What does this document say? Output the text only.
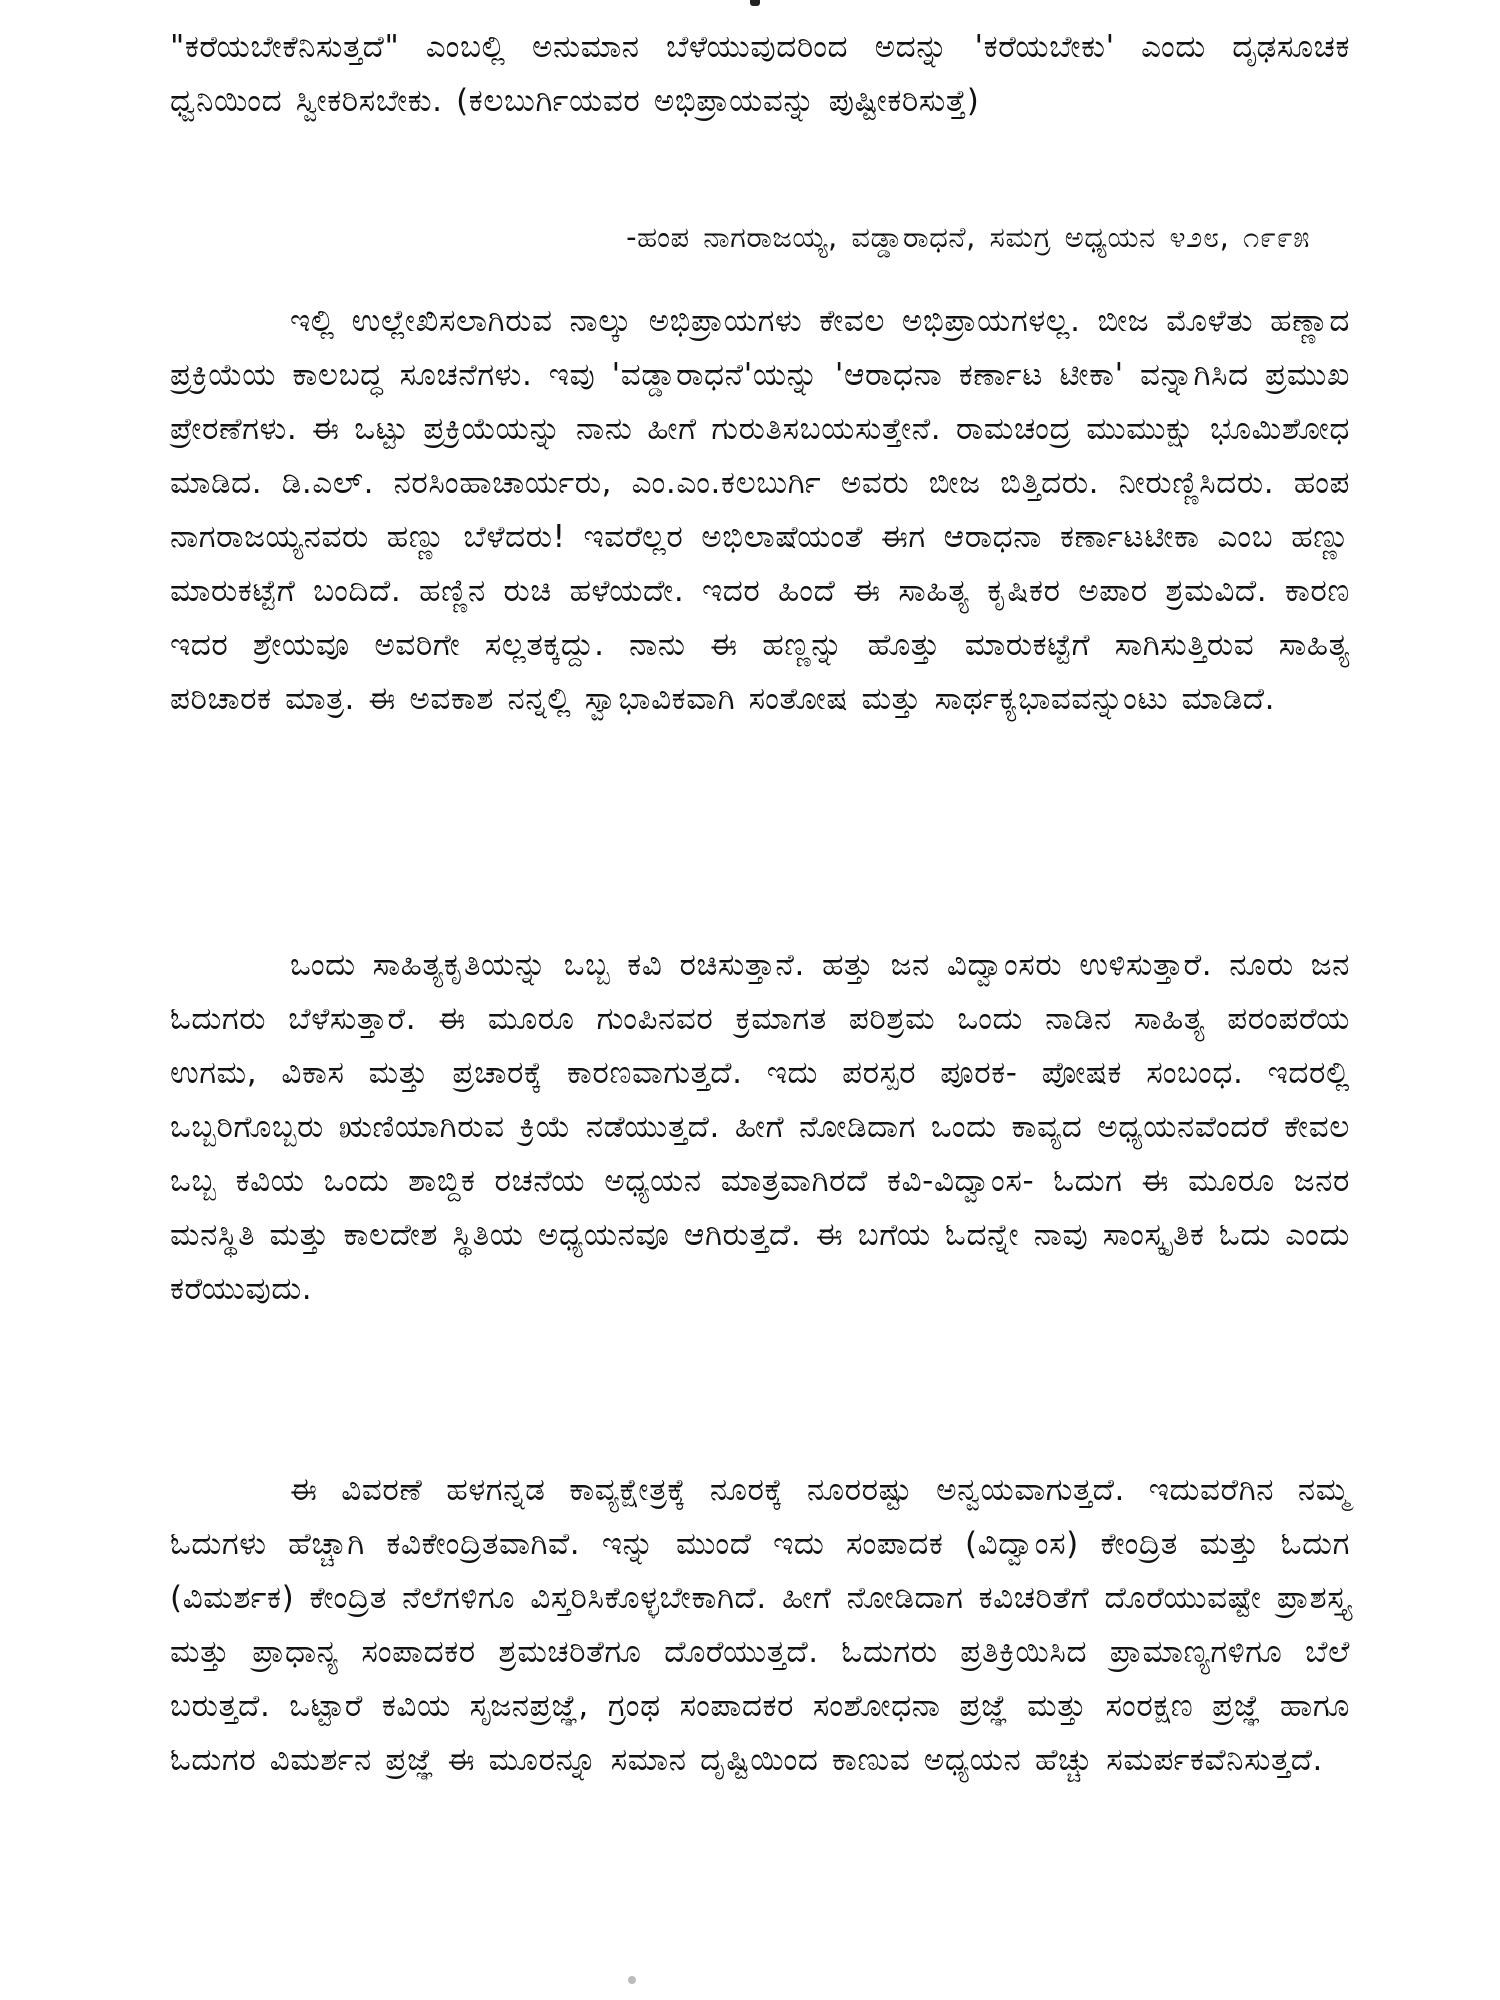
"ಕರೆಯಬೇಕೆನಿಸುತ್ತದೆ" ಎಂಬಲ್ಲಿ ಅನುಮಾನ ಬೆಳೆಯುವುದರಿಂದ ಅದನ್ನು 'ಕರೆಯಬೇಕು' ಎಂದು ದೃಢಸೂಚಕ ಧ್ವನಿಯಿಂದ ಸ್ವೀಕರಿಸಬೇಕು. (ಕಲಬುರ್ಗಿಯವರ ಅಭಿಪ್ರಾಯವನ್ನು ಪುಷ್ಟೀಕರಿಸುತ್ತೆ)

-ಹಂಪ ನಾಗರಾಜಯ್ಯ, ವಡ್ಡಾರಾಧನೆ, ಸಮಗ್ರ ಅಧ್ಯಯನ ೪೨೮, ೧೯೯೫

ಇಲ್ಲಿ ಉಲ್ಲೇಖಿಸಲಾಗಿರುವ ನಾಲ್ಕು ಅಭಿಪ್ರಾಯಗಳು ಕೇವಲ ಅಭಿಪ್ರಾಯಗಳಲ್ಲ. ಬೀಜ ಮೊಳೆತು ಹಣ್ಣಾದ ಪ್ರಕ್ರಿಯೆಯ ಕಾಲಬದ್ಧ ಸೂಚನೆಗಳು. ಇವು 'ವಡ್ಡಾರಾಧನೆ'ಯನ್ನು 'ಆರಾಧನಾ ಕರ್ಣಾಟ ಟೀಕಾ' ವನ್ನಾಗಿಸಿದ ಪ್ರಮುಖ ಪ್ರೇರಣೆಗಳು. ಈ ಒಟ್ಟು ಪ್ರಕ್ರಿಯೆಯನ್ನು ನಾನು ಹೀಗೆ ಗುರುತಿಸಬಯಸುತ್ತೇನೆ. ರಾಮಚಂದ್ರ ಮುಮುಕ್ಷು ಭೂಮಿಶೋಧ ಮಾಡಿದ. ಡಿ.ಎಲ್. ನರಸಿಂಹಾಚಾರ್ಯರು, ಎಂ.ಎಂ.ಕಲಬುರ್ಗಿ ಅವರು ಬೀಜ ಬಿತ್ತಿದರು. ನೀರುಣ್ಣಿಸಿದರು. ಹಂಪ ನಾಗರಾಜಯ್ಯನವರು ಹಣ್ಣು ಬೆಳೆದರು! ಇವರೆಲ್ಲರ ಅಭಿಲಾಷೆಯಂತೆ ಈಗ ಆರಾಧನಾ ಕರ್ಣಾಟಟೀಕಾ ಎಂಬ ಹಣ್ಣು ಮಾರುಕಟ್ಟೆಗೆ ಬಂದಿದೆ. ಹಣ್ಣಿನ ರುಚಿ ಹಳೆಯದೇ. ಇದರ ಹಿಂದೆ ಈ ಸಾಹಿತ್ಯ ಕೃಷಿಕರ ಅಪಾರ ಶ್ರಮವಿದೆ. ಕಾರಣ ಇದರ ಶ್ರೇಯವೂ ಅವರಿಗೇ ಸಲ್ಲತಕ್ಕದ್ದು. ನಾನು ಈ ಹಣ್ಣನ್ನು ಹೊತ್ತು ಮಾರುಕಟ್ಟೆಗೆ ಸಾಗಿಸುತ್ತಿರುವ ಸಾಹಿತ್ಯ ಪರಿಚಾರಕ ಮಾತ್ರ. ಈ ಅವಕಾಶ ನನ್ನಲ್ಲಿ ಸ್ವಾಭಾವಿಕವಾಗಿ ಸಂತೋಷ ಮತ್ತು ಸಾರ್ಥಕ್ಯಭಾವವನ್ನುಂಟು ಮಾಡಿದೆ.

ಒಂದು ಸಾಹಿತ್ಯಕೃತಿಯನ್ನು ಒಬ್ಬ ಕವಿ ರಚಿಸುತ್ತಾನೆ. ಹತ್ತು ಜನ ವಿದ್ವಾಂಸರು ಉಳಿಸುತ್ತಾರೆ. ನೂರು ಜನ ಓದುಗರು ಬೆಳೆಸುತ್ತಾರೆ. ಈ ಮೂರೂ ಗುಂಪಿನವರ ಕ್ರಮಾಗತ ಪರಿಶ್ರಮ ಒಂದು ನಾಡಿನ ಸಾಹಿತ್ಯ ಪರಂಪರೆಯ ಉಗಮ, ವಿಕಾಸ ಮತ್ತು ಪ್ರಚಾರಕ್ಕೆ ಕಾರಣವಾಗುತ್ತದೆ. ಇದು ಪರಸ್ಪರ ಪೂರಕ- ಪೋಷಕ ಸಂಬಂಧ. ಇದರಲ್ಲಿ ಒಬ್ಬರಿಗೊಬ್ಬರು ಋಣಿಯಾಗಿರುವ ಕ್ರಿಯೆ ನಡೆಯುತ್ತದೆ. ಹೀಗೆ ನೋಡಿದಾಗ ಒಂದು ಕಾವ್ಯದ ಅಧ್ಯಯನವೆಂದರೆ ಕೇವಲ ಒಬ್ಬ ಕವಿಯ ಒಂದು ಶಾಬ್ದಿಕ ರಚನೆಯ ಅಧ್ಯಯನ ಮಾತ್ರವಾಗಿರದೆ ಕವಿ-ವಿದ್ವಾಂಸ- ಓದುಗ ಈ ಮೂರೂ ಜನರ ಮನಸ್ಥಿತಿ ಮತ್ತು ಕಾಲದೇಶ ಸ್ಥಿತಿಯ ಅಧ್ಯಯನವೂ ಆಗಿರುತ್ತದೆ. ಈ ಬಗೆಯ ಓದನ್ನೇ ನಾವು ಸಾಂಸ್ಕೃತಿಕ ಓದು ಎಂದು ಕರೆಯುವುದು.

ಈ ವಿವರಣೆ ಹಳಗನ್ನಡ ಕಾವ್ಯಕ್ಷೇತ್ರಕ್ಕೆ ನೂರಕ್ಕೆ ನೂರರಷ್ಟು ಅನ್ವಯವಾಗುತ್ತದೆ. ಇದುವರೆಗಿನ ನಮ್ಮ ಓದುಗಳು ಹೆಚ್ಚಾಗಿ ಕವಿಕೇಂದ್ರಿತವಾಗಿವೆ. ಇನ್ನು ಮುಂದೆ ಇದು ಸಂಪಾದಕ (ವಿದ್ವಾಂಸ) ಕೇಂದ್ರಿತ ಮತ್ತು ಓದುಗ (ವಿಮರ್ಶಕ) ಕೇಂದ್ರಿತ ನೆಲೆಗಳಿಗೂ ವಿಸ್ತರಿಸಿಕೊಳ್ಳಬೇಕಾಗಿದೆ. ಹೀಗೆ ನೋಡಿದಾಗ ಕವಿಚರಿತೆಗೆ ದೊರೆಯುವಷ್ಟೇ ಪ್ರಾಶಸ್ತ್ಯ ಮತ್ತು ಪ್ರಾಧಾನ್ಯ ಸಂಪಾದಕರ ಶ್ರಮಚರಿತೆಗೂ ದೊರೆಯುತ್ತದೆ. ಓದುಗರು ಪ್ರತಿಕ್ರಿಯಿಸಿದ ಪ್ರಾಮಾಣ್ಯಗಳಿಗೂ ಬೆಲೆ ಬರುತ್ತದೆ. ಒಟ್ಟಾರೆ ಕವಿಯ ಸೃಜನಪ್ರಜ್ಞೆ, ಗ್ರಂಥ ಸಂಪಾದಕರ ಸಂಶೋಧನಾ ಪ್ರಜ್ಞೆ ಮತ್ತು ಸಂರಕ್ಷಣ ಪ್ರಜ್ಞೆ ಹಾಗೂ ಓದುಗರ ವಿಮರ್ಶನ ಪ್ರಜ್ಞೆ ಈ ಮೂರನ್ನೂ ಸಮಾನ ದೃಷ್ಟಿಯಿಂದ ಕಾಣುವ ಅಧ್ಯಯನ ಹೆಚ್ಚು ಸಮರ್ಪಕವೆನಿಸುತ್ತದೆ.
